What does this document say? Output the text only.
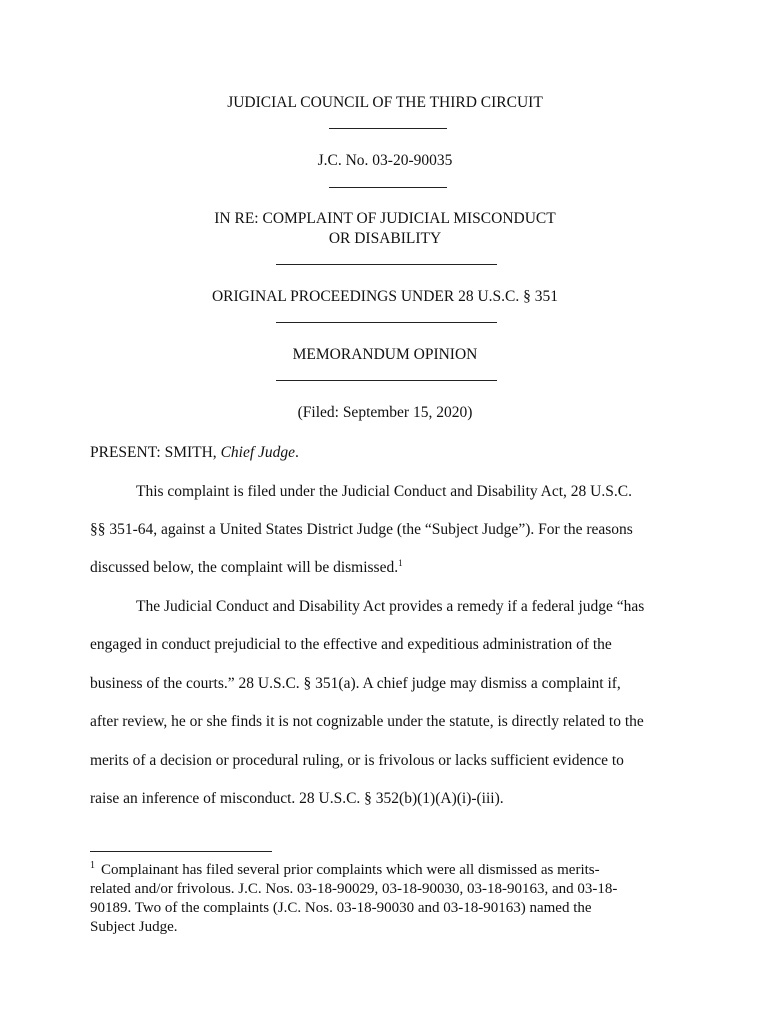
JUDICIAL COUNCIL OF THE THIRD CIRCUIT
J.C. No. 03-20-90035
IN RE: COMPLAINT OF JUDICIAL MISCONDUCT
OR DISABILITY
ORIGINAL PROCEEDINGS UNDER 28 U.S.C. § 351
MEMORANDUM OPINION
(Filed: September 15, 2020)
PRESENT: SMITH, Chief Judge.
This complaint is filed under the Judicial Conduct and Disability Act, 28 U.S.C.
§§ 351-64, against a United States District Judge (the “Subject Judge”). For the reasons
discussed below, the complaint will be dismissed.$^1$
The Judicial Conduct and Disability Act provides a remedy if a federal judge “has
engaged in conduct prejudicial to the effective and expeditious administration of the
business of the courts.” 28 U.S.C. § 351(a). A chief judge may dismiss a complaint if,
after review, he or she finds it is not cognizable under the statute, is directly related to the
merits of a decision or procedural ruling, or is frivolous or lacks sufficient evidence to
raise an inference of misconduct. 28 U.S.C. § 352(b)(1)(A)(i)-(iii).
$^1$ Complainant has filed several prior complaints which were all dismissed as merits-
related and/or frivolous. J.C. Nos. 03-18-90029, 03-18-90030, 03-18-90163, and 03-18-
90189. Two of the complaints (J.C. Nos. 03-18-90030 and 03-18-90163) named the
Subject Judge.
